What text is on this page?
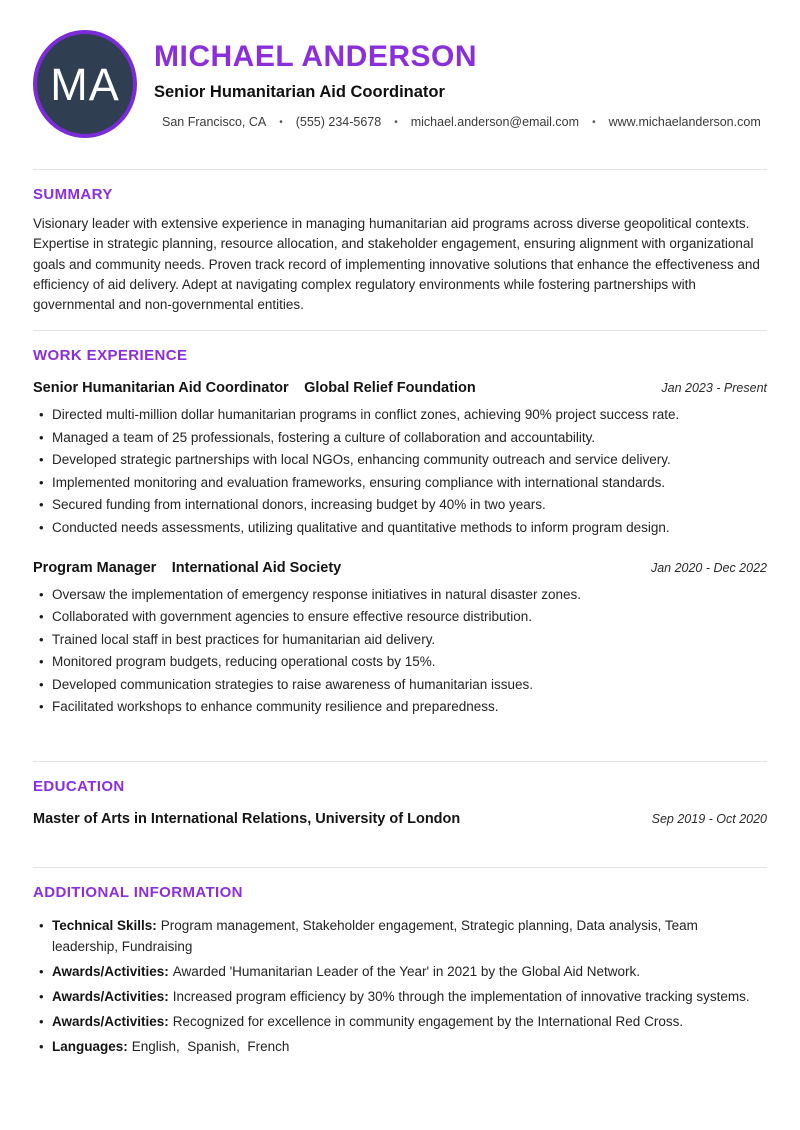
MA
MICHAEL ANDERSON
Senior Humanitarian Aid Coordinator
San Francisco, CA • (555) 234-5678 • michael.anderson@email.com • www.michaelanderson.com
SUMMARY

Visionary leader with extensive experience in managing humanitarian aid programs across diverse geopolitical contexts. Expertise in strategic planning, resource allocation, and stakeholder engagement, ensuring alignment with organizational goals and community needs. Proven track record of implementing innovative solutions that enhance the effectiveness and efficiency of aid delivery. Adept at navigating complex regulatory environments while fostering partnerships with governmental and non-governmental entities.

WORK EXPERIENCE
Senior Humanitarian Aid Coordinator Global Relief Foundation	Jan 2023 - Present
• Directed multi-million dollar humanitarian programs in conflict zones, achieving 90% project success rate.
• Managed a team of 25 professionals, fostering a culture of collaboration and accountability.
• Developed strategic partnerships with local NGOs, enhancing community outreach and service delivery.
• Implemented monitoring and evaluation frameworks, ensuring compliance with international standards.
• Secured funding from international donors, increasing budget by 40% in two years.
• Conducted needs assessments, utilizing qualitative and quantitative methods to inform program design.
Program Manager International Aid Society	Jan 2020 - Dec 2022
• Oversaw the implementation of emergency response initiatives in natural disaster zones.
• Collaborated with government agencies to ensure effective resource distribution.
• Trained local staff in best practices for humanitarian aid delivery.
• Monitored program budgets, reducing operational costs by 15%.
• Developed communication strategies to raise awareness of humanitarian issues.
• Facilitated workshops to enhance community resilience and preparedness.
EDUCATION
Master of Arts in International Relations, University of London	Sep 2019 - Oct 2020
ADDITIONAL INFORMATION
• Technical Skills: Program management, Stakeholder engagement, Strategic planning, Data analysis, Team leadership, Fundraising
• Awards/Activities: Awarded 'Humanitarian Leader of the Year' in 2021 by the Global Aid Network.
• Awards/Activities: Increased program efficiency by 30% through the implementation of innovative tracking systems.
• Awards/Activities: Recognized for excellence in community engagement by the International Red Cross.
• Languages: English,  Spanish,  French
